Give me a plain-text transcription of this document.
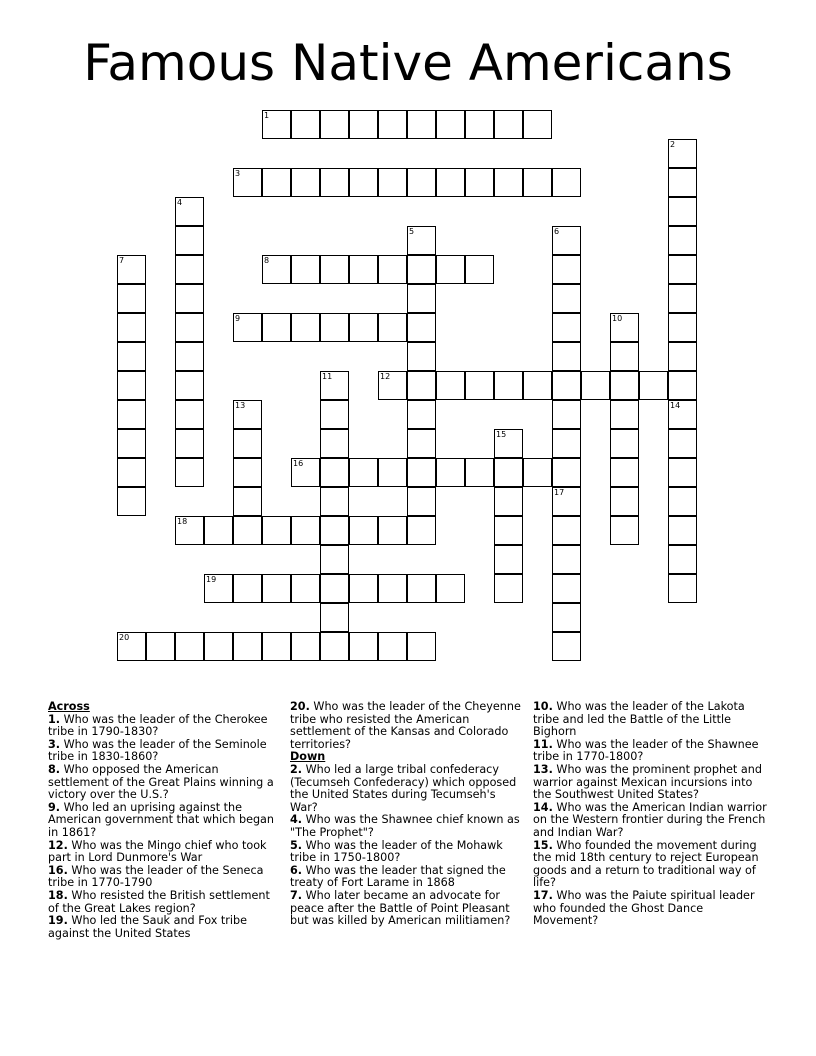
Famous Native Americans
1
3
8
9
12
16
18
19
20
2
4
5	6
7
10
11
13	14
15
17

Across

1. Who was the leader of the Cherokee tribe in 1790-1830?

3. Who was the leader of the Seminole tribe in 1830-1860?

8. Who opposed the American settlement of the Great Plains winning a victory over the U.S.?

9. Who led an uprising against the American government that which began in 1861?

12. Who was the Mingo chief who took part in Lord Dunmore's War

16. Who was the leader of the Seneca tribe in 1770-1790

18. Who resisted the British settlement of the Great Lakes region?

19. Who led the Sauk and Fox tribe against the United States

20. Who was the leader of the Cheyenne tribe who resisted the American settlement of the Kansas and Colorado territories?

Down

2. Who led a large tribal confederacy (Tecumseh Confederacy) which opposed the United States during Tecumseh's War?

4. Who was the Shawnee chief known as "The Prophet"?

5. Who was the leader of the Mohawk tribe in 1750-1800?

6. Who was the leader that signed the treaty of Fort Larame in 1868

7. Who later became an advocate for peace after the Battle of Point Pleasant but was killed by American militiamen?

10. Who was the leader of the Lakota tribe and led the Battle of the Little Bighorn

11. Who was the leader of the Shawnee tribe in 1770-1800?

13. Who was the prominent prophet and warrior against Mexican incursions into the Southwest United States?

14. Who was the American Indian warrior on the Western frontier during the French and Indian War?

15. Who founded the movement during the mid 18th century to reject European goods and a return to traditional way of life?

17. Who was the Paiute spiritual leader who founded the Ghost Dance Movement?
